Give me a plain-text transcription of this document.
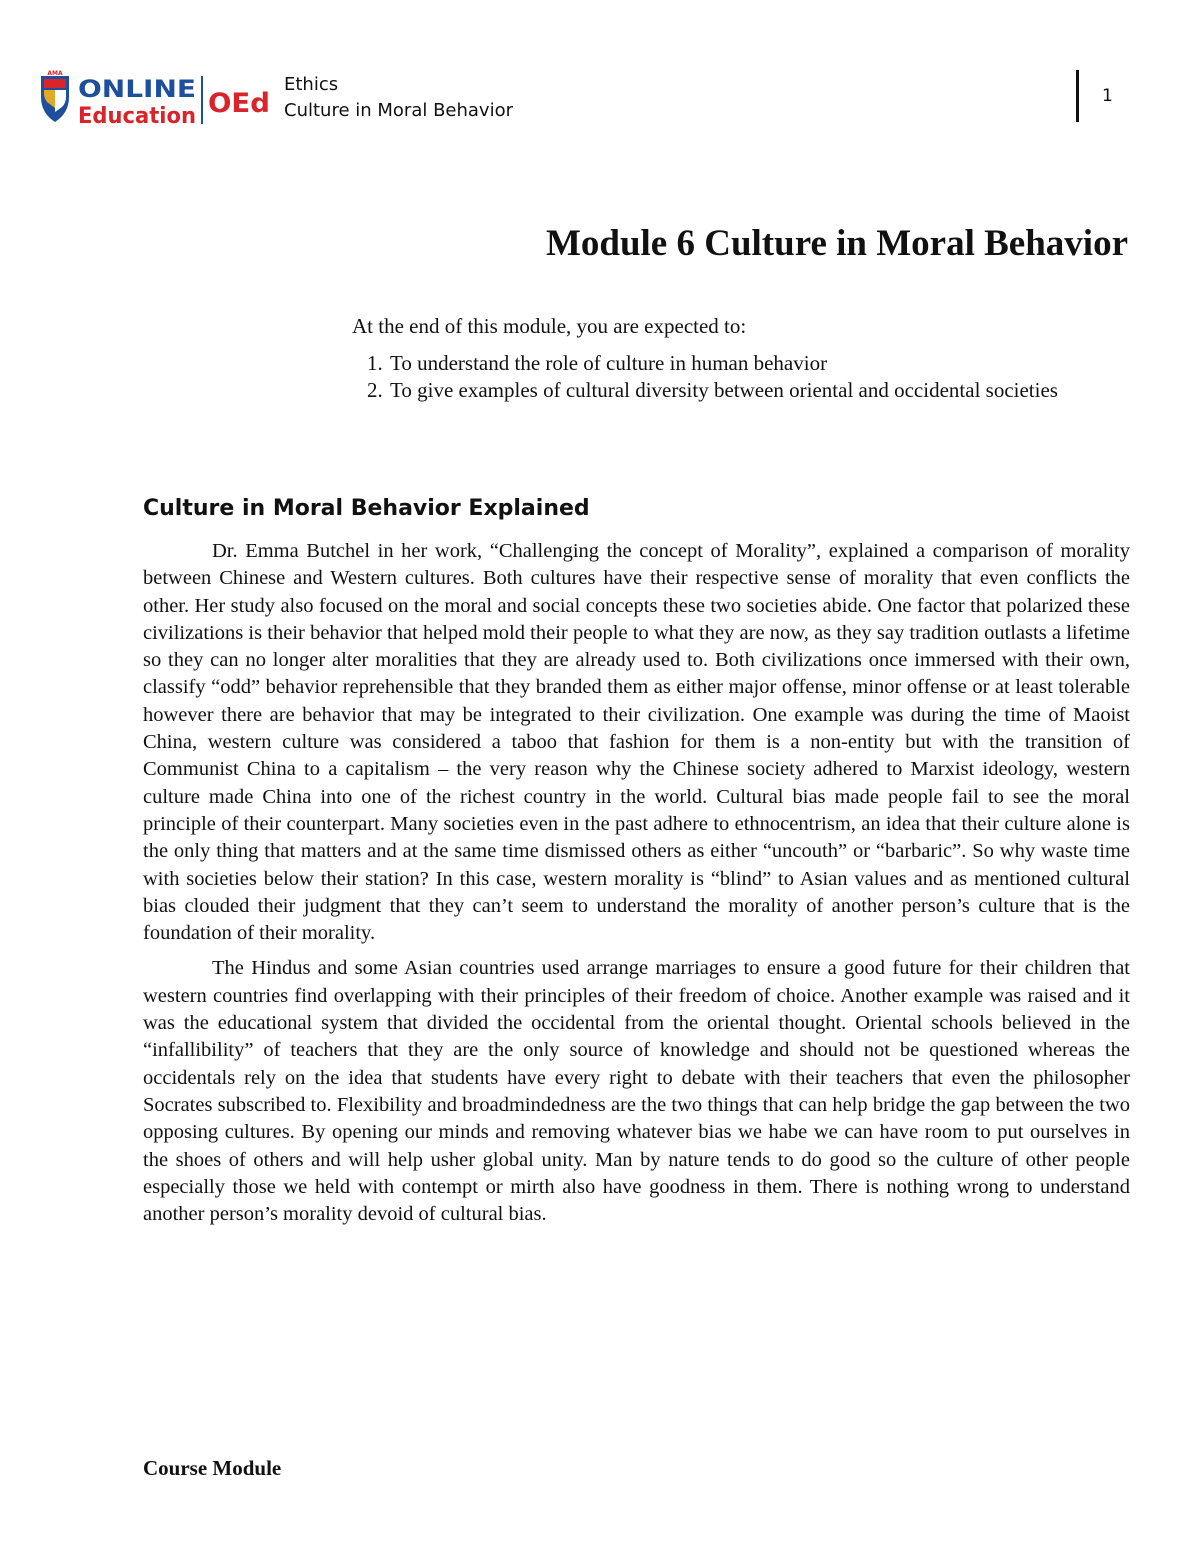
AMA
ONLINE
Education OEd
Ethics
Culture in Moral Behavior
1
Module 6 Culture in Moral Behavior

At the end of this module, you are expected to:

1. To understand the role of culture in human behavior
2. To give examples of cultural diversity between oriental and occidental societies
Culture in Moral Behavior Explained

Dr. Emma Butchel in her work, “Challenging the concept of Morality”, explained a comparison of morality between Chinese and Western cultures. Both cultures have their respective sense of morality that even conflicts the other. Her study also focused on the moral and social concepts these two societies abide. One factor that polarized these civilizations is their behavior that helped mold their people to what they are now, as they say tradition outlasts a lifetime so they can no longer alter moralities that they are already used to. Both civilizations once immersed with their own, classify “odd” behavior reprehensible that they branded them as either major offense, minor offense or at least tolerable however there are behavior that may be integrated to their civilization. One example was during the time of Maoist China, western culture was considered a taboo that fashion for them is a non-entity but with the transition of Communist China to a capitalism – the very reason why the Chinese society adhered to Marxist ideology, western culture made China into one of the richest country in the world. Cultural bias made people fail to see the moral principle of their counterpart. Many societies even in the past adhere to ethnocentrism, an idea that their culture alone is the only thing that matters and at the same time dismissed others as either “uncouth” or “barbaric”. So why waste time with societies below their station? In this case, western morality is “blind” to Asian values and as mentioned cultural bias clouded their judgment that they can’t seem to understand the morality of another person’s culture that is the foundation of their morality.

The Hindus and some Asian countries used arrange marriages to ensure a good future for their children that western countries find overlapping with their principles of their freedom of choice. Another example was raised and it was the educational system that divided the occidental from the oriental thought. Oriental schools believed in the “infallibility” of teachers that they are the only source of knowledge and should not be questioned whereas the occidentals rely on the idea that students have every right to debate with their teachers that even the philosopher Socrates subscribed to. Flexibility and broadmindedness are the two things that can help bridge the gap between the two opposing cultures. By opening our minds and removing whatever bias we habe we can have room to put ourselves in the shoes of others and will help usher global unity. Man by nature tends to do good so the culture of other people especially those we held with contempt or mirth also have goodness in them. There is nothing wrong to understand another person’s morality devoid of cultural bias.

Course Module
